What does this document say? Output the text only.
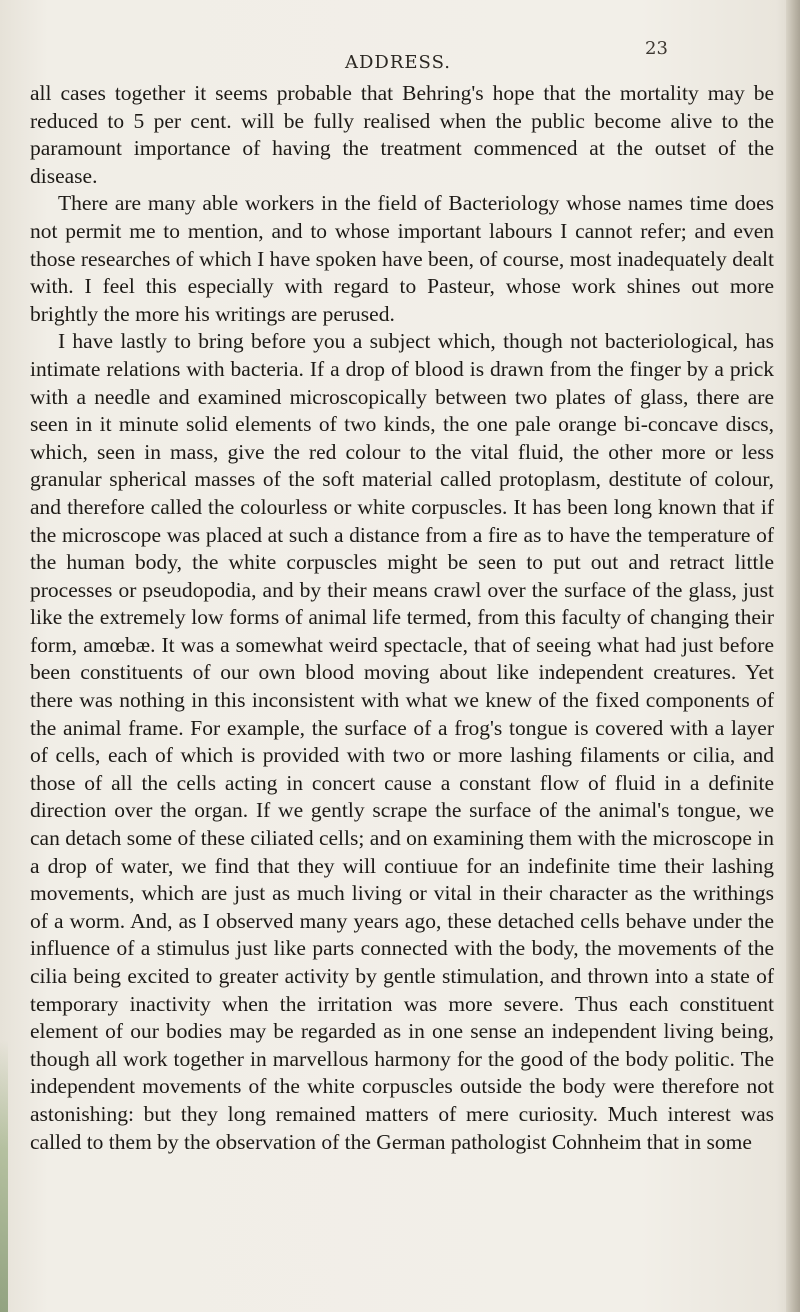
ADDRESS.
23

all cases together it seems probable that Behring's hope that the mortality may be reduced to 5 per cent. will be fully realised when the public become alive to the paramount importance of having the treatment commenced at the outset of the disease.

There are many able workers in the field of Bacteriology whose names time does not permit me to mention, and to whose important labours I cannot refer; and even those researches of which I have spoken have been, of course, most inadequately dealt with. I feel this especially with regard to Pasteur, whose work shines out more brightly the more his writings are perused.

I have lastly to bring before you a subject which, though not bacteriological, has intimate relations with bacteria. If a drop of blood is drawn from the finger by a prick with a needle and examined microscopically between two plates of glass, there are seen in it minute solid elements of two kinds, the one pale orange bi-concave discs, which, seen in mass, give the red colour to the vital fluid, the other more or less granular spherical masses of the soft material called protoplasm, destitute of colour, and therefore called the colourless or white corpuscles. It has been long known that if the microscope was placed at such a distance from a fire as to have the temperature of the human body, the white corpuscles might be seen to put out and retract little processes or pseudopodia, and by their means crawl over the surface of the glass, just like the extremely low forms of animal life termed, from this faculty of changing their form, amœbæ. It was a somewhat weird spectacle, that of seeing what had just before been constituents of our own blood moving about like independent creatures. Yet there was nothing in this inconsistent with what we knew of the fixed components of the animal frame. For example, the surface of a frog's tongue is covered with a layer of cells, each of which is provided with two or more lashing filaments or cilia, and those of all the cells acting in concert cause a constant flow of fluid in a definite direction over the organ. If we gently scrape the surface of the animal's tongue, we can detach some of these ciliated cells; and on examining them with the microscope in a drop of water, we find that they will contiuue for an indefinite time their lashing movements, which are just as much living or vital in their character as the writhings of a worm. And, as I observed many years ago, these detached cells behave under the influence of a stimulus just like parts connected with the body, the movements of the cilia being excited to greater activity by gentle stimulation, and thrown into a state of temporary inactivity when the irritation was more severe. Thus each constituent element of our bodies may be regarded as in one sense an independent living being, though all work together in marvellous harmony for the good of the body politic. The independent movements of the white corpuscles outside the body were therefore not astonishing: but they long remained matters of mere curiosity. Much interest was called to them by the observation of the German pathologist Cohnheim that in some
